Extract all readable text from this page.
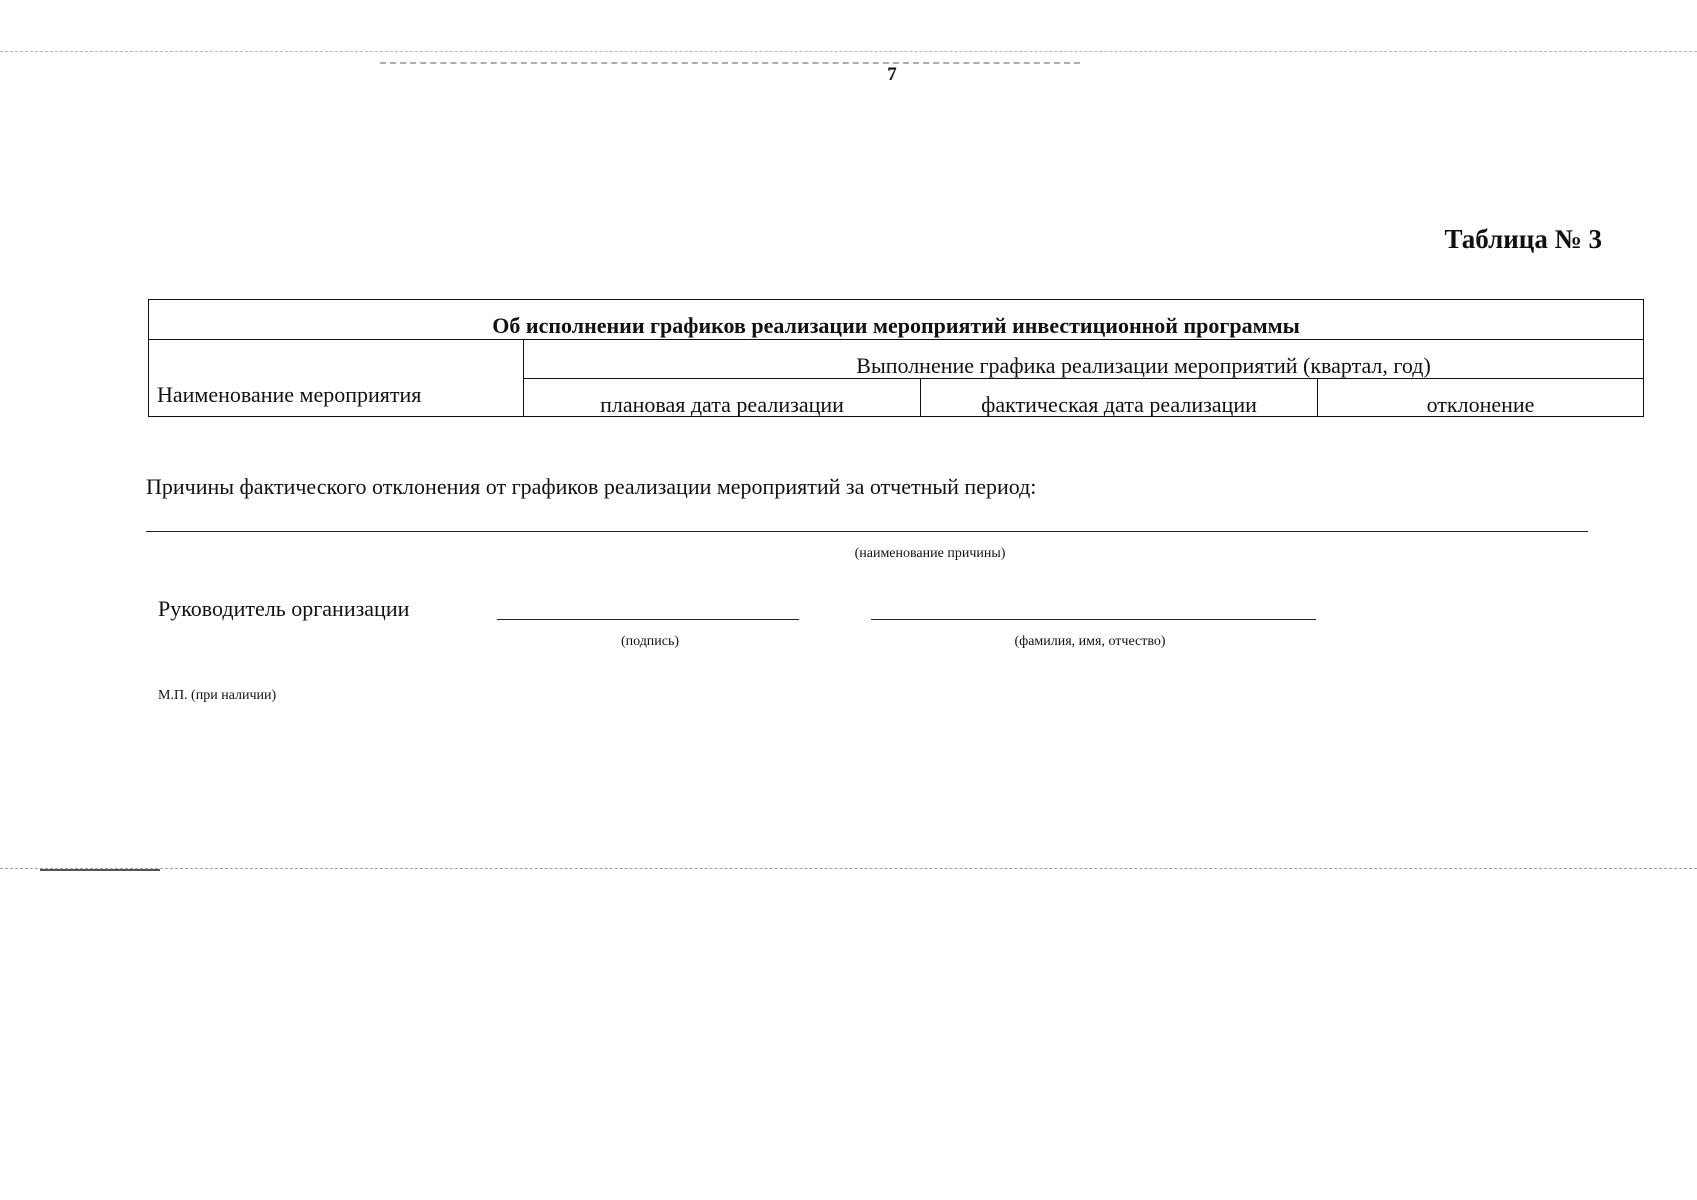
7
Таблица № 3
Об исполнении графиков реализации мероприятий инвестиционной программы			
Наименование мероприятия	Выполнение графика реализации мероприятий (квартал, год)		
	плановая дата реализации	фактическая дата реализации	отклонение
Причины фактического отклонения от графиков реализации мероприятий за отчетный период:
(наименование причины)
Руководитель организации
(подпись)	(фамилия, имя, отчество)
М.П. (при наличии)
